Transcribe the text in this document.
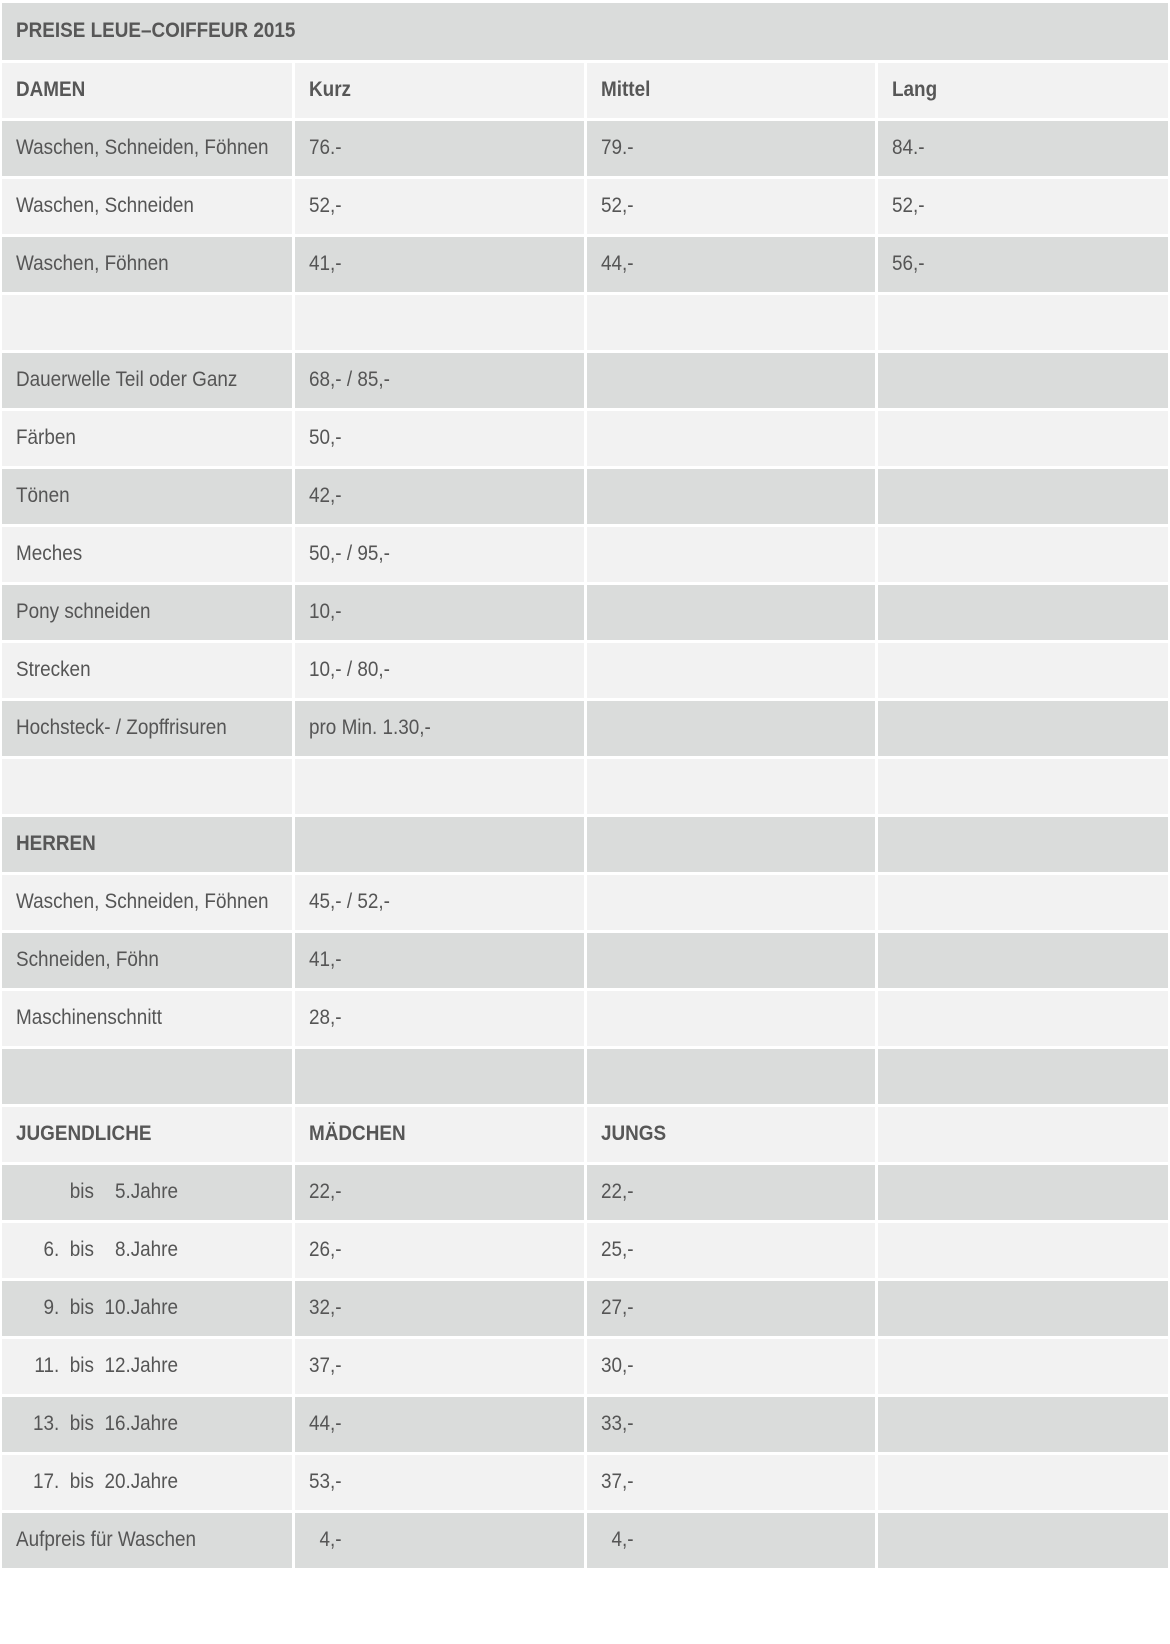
PREISE LEUE–COIFFEUR 2015			
DAMEN	Kurz	Mittel	Lang
Waschen, Schneiden, Föhnen	76.-	79.-	84.-
Waschen, Schneiden	52,-	52,-	52,-
Waschen, Föhnen	41,-	44,-	56,-

Dauerwelle Teil oder Ganz	68,- / 85,-		
Färben	50,-		
Tönen	42,-		
Meches	50,- / 95,-		
Pony schneiden	10,-		
Strecken	10,- / 80,-		
Hochsteck- / Zopffrisuren	pro Min. 1.30,-		

HERREN			
Waschen, Schneiden, Föhnen	45,- / 52,-		
Schneiden, Föhn	41,-		
Maschinenschnitt	28,-		

JUGENDLICHE	MÄDCHEN	JUNGS	
bis    5.Jahre	22,-	22,-	
6.  bis    8.Jahre	26,-	25,-	
9.  bis  10.Jahre	32,-	27,-	
11.  bis  12.Jahre	37,-	30,-	
13.  bis  16.Jahre	44,-	33,-	
17.  bis  20.Jahre	53,-	37,-	
Aufpreis für Waschen	4,-	4,-	
